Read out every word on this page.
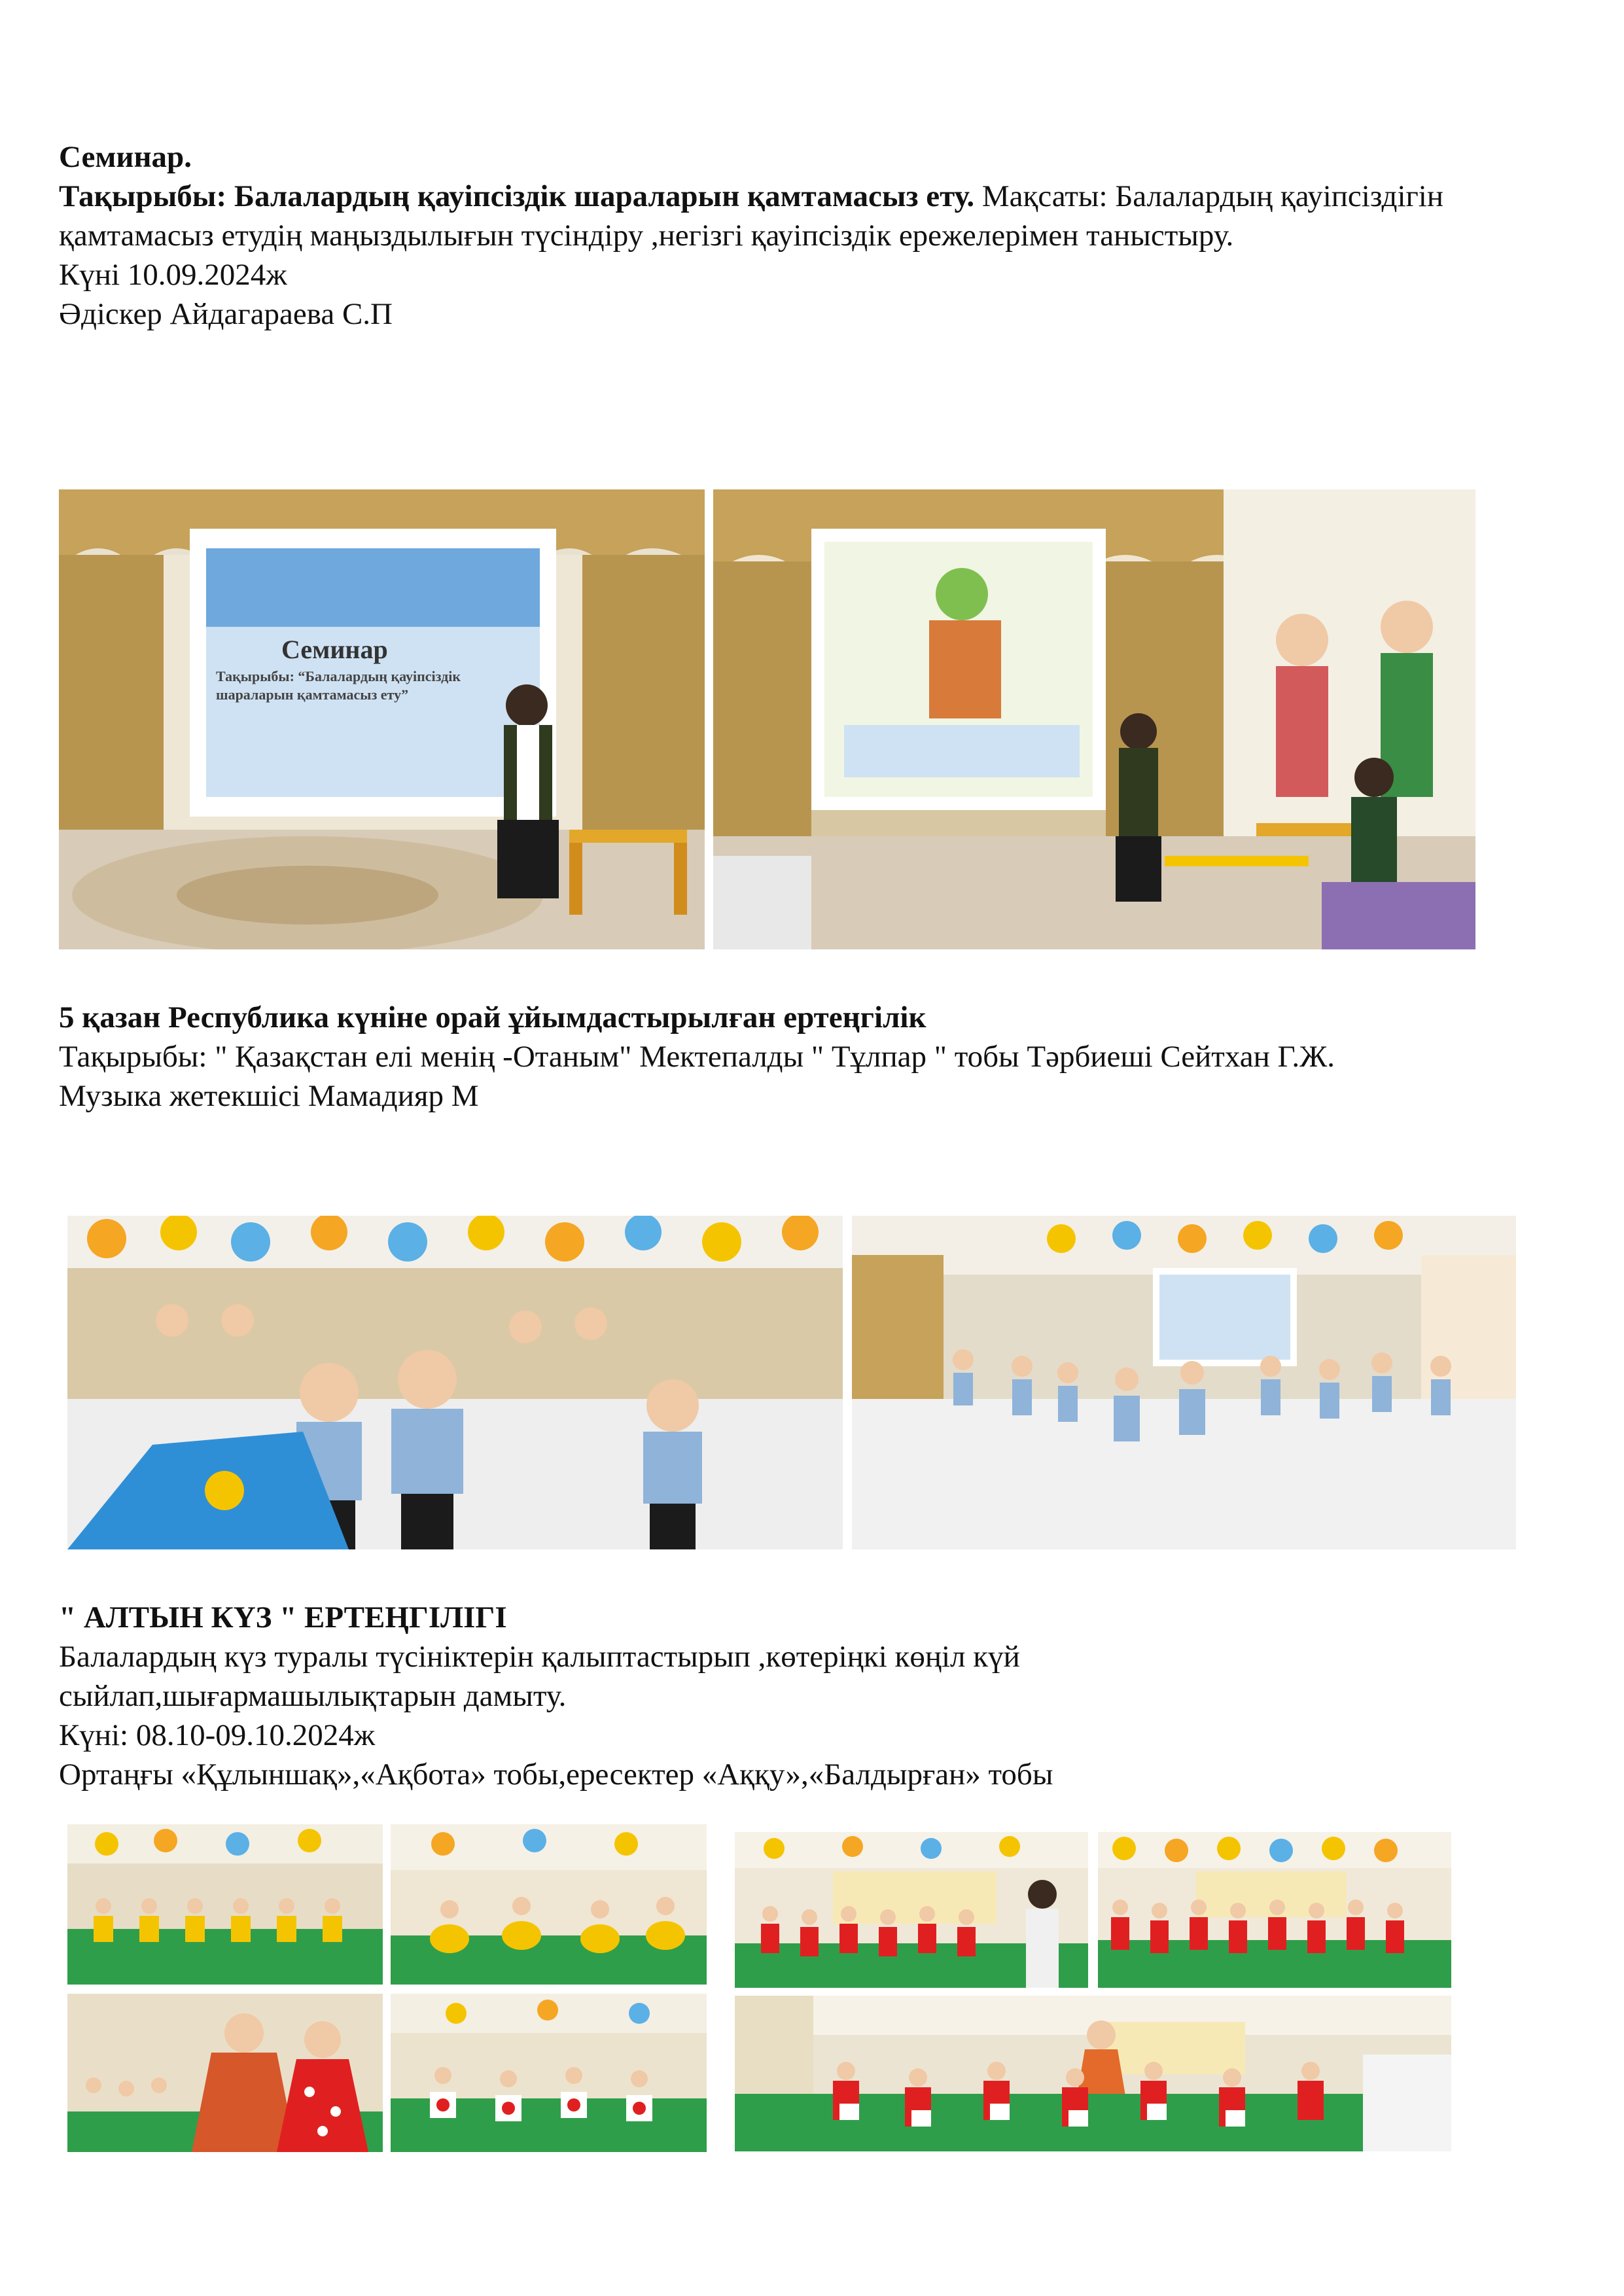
Семинар.

Тақырыбы: Балалардың қауіпсіздік шараларын қамтамасыз ету. Мақсаты: Балалардың қауіпсіздігін қамтамасыз етудің маңыздылығын түсіндіру ,негізгі қауіпсіздік ережелерімен таныстыру.

Күні 10.09.2024ж

Әдіскер Айдагараева С.П

Семинар
Тақырыбы: “Балалардың қауіпсіздік шараларын қамтамасыз ету”

5 қазан Республика күніне орай ұйымдастырылған ертеңгілік

Тақырыбы: " Қазақстан елі менің -Отаным" Мектепалды " Тұлпар " тобы Тәрбиеші Сейтхан Г.Ж.

Музыка жетекшісі Мамадияр М

" АЛТЫН КҮЗ " ЕРТЕҢГІЛІГІ

Балалардың күз туралы түсініктерін қалыптастырып ,көтеріңкі көңіл күй

сыйлап,шығармашылықтарын дамыту.

Күні: 08.10-09.10.2024ж

Ортаңғы «Құлыншақ»,«Ақбота» тобы,ересектер «Аққу»,«Балдырған» тобы
